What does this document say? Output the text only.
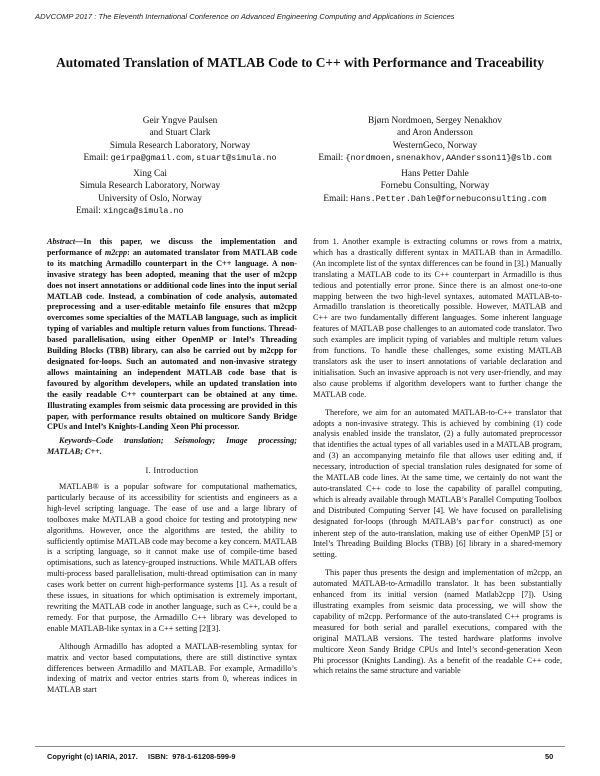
ADVCOMP 2017 : The Eleventh International Conference on Advanced Engineering Computing and Applications in Sciences
Automated Translation of MATLAB Code to C++ with Performance and Traceability
Geir Yngve Paulsen
and Stuart Clark
Simula Research Laboratory, Norway
Email: geirpa@gmail.com,stuart@simula.no
Bjørn Nordmoen, Sergey Nenakhov
and Aron Andersson
WesternGeco, Norway
Email: {nordmoen,snenakhov,AAndersson11}@slb.com
Xing Cai
Simula Research Laboratory, Norway
University of Oslo, Norway
Email: xingca@simula.no
Hans Petter Dahle
Fornebu Consulting, Norway
Email: Hans.Petter.Dahle@fornebuconsulting.com

Abstract—In this paper, we discuss the implementation and performance of m2cpp: an automated translator from MATLAB code to its matching Armadillo counterpart in the C++ language. A non-invasive strategy has been adopted, meaning that the user of m2cpp does not insert annotations or additional code lines into the input serial MATLAB code. Instead, a combination of code analysis, automated preprocessing and a user-editable metainfo file ensures that m2cpp overcomes some specialties of the MATLAB language, such as implicit typing of variables and multiple return values from functions. Thread-based parallelisation, using either OpenMP or Intel’s Threading Building Blocks (TBB) library, can also be carried out by m2cpp for designated for-loops. Such an automated and non-invasive strategy allows maintaining an independent MATLAB code base that is favoured by algorithm developers, while an updated translation into the easily readable C++ counterpart can be obtained at any time. Illustrating examples from seismic data processing are provided in this paper, with performance results obtained on multicore Sandy Bridge CPUs and Intel’s Knights-Landing Xeon Phi processor.

Keywords–Code translation; Seismology; Image processing; MATLAB; C++.

I. Introduction

MATLAB® is a popular software for computational mathematics, particularly because of its accessibility for scientists and engineers as a high-level scripting language. The ease of use and a large library of toolboxes make MATLAB a good choice for testing and prototyping new algorithms. However, once the algorithms are tested, the ability to sufficiently optimise MATLAB code may become a key concern. MATLAB is a scripting language, so it cannot make use of compile-time based optimisations, such as latency-grouped instructions. While MATLAB offers multi-process based parallelisation, multi-thread optimisation can in many cases work better on current high-performance systems [1]. As a result of these issues, in situations for which optimisation is extremely important, rewriting the MATLAB code in another language, such as C++, could be a remedy. For that purpose, the Armadillo C++ library was developed to enable MATLAB-like syntax in a C++ setting [2][3].

Although Armadillo has adopted a MATLAB-resembling syntax for matrix and vector based computations, there are still distinctive syntax differences between Armadillo and MATLAB. For example, Armadillo’s indexing of matrix and vector entries starts from 0, whereas indices in MATLAB start

from 1. Another example is extracting columns or rows from a matrix, which has a drastically different syntax in MATLAB than in Armadillo. (An incomplete list of the syntax differences can be found in [3].) Manually translating a MATLAB code to its C++ counterpart in Armadillo is thus tedious and potentially error prone. Since there is an almost one-to-one mapping between the two high-level syntaxes, automated MATLAB-to-Armadillo translation is theoretically possible. However, MATLAB and C++ are two fundamentally different languages. Some inherent language features of MATLAB pose challenges to an automated code translator. Two such examples are implicit typing of variables and multiple return values from functions. To handle these challenges, some existing MATLAB translators ask the user to insert annotations of variable declaration and initialisation. Such an invasive approach is not very user-friendly, and may also cause problems if algorithm developers want to further change the MATLAB code.

Therefore, we aim for an automated MATLAB-to-C++ translator that adopts a non-invasive strategy. This is achieved by combining (1) code analysis enabled inside the translator, (2) a fully automated preprocessor that identifies the actual types of all variables used in a MATLAB program, and (3) an accompanying metainfo file that allows user editing and, if necessary, introduction of special translation rules designated for some of the MATLAB code lines. At the same time, we certainly do not want the auto-translated C++ code to lose the capability of parallel computing, which is already available through MATLAB’s Parallel Computing Toolbox and Distributed Computing Server [4]. We have focused on parallelising designated for-loops (through MATLAB’s parfor construct) as one inherent step of the auto-translation, making use of either OpenMP [5] or Intel’s Threading Building Blocks (TBB) [6] library in a shared-memory setting.

This paper thus presents the design and implementation of m2cpp, an automated MATLAB-to-Armadillo translator. It has been substantially enhanced from its initial version (named Matlab2cpp [7]). Using illustrating examples from seismic data processing, we will show the capability of m2cpp. Performance of the auto-translated C++ programs is measured for both serial and parallel executions, compared with the original MATLAB versions. The tested hardware platforms involve multicore Xeon Sandy Bridge CPUs and Intel’s second-generation Xeon Phi processor (Knights Landing). As a benefit of the readable C++ code, which retains the same structure and variable

Copyright (c) IARIA, 2017.     ISBN:  978-1-61208-599-9	50
